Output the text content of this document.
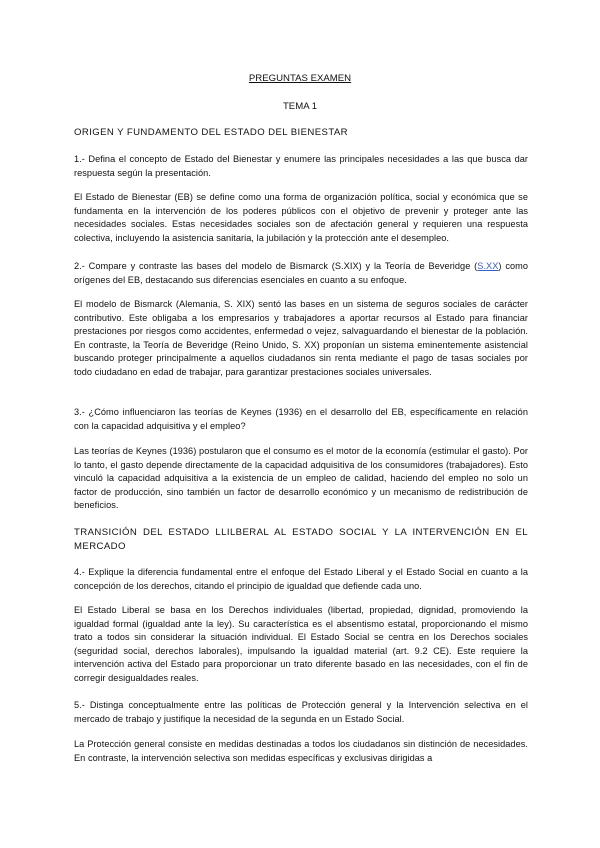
PREGUNTAS EXAMEN
TEMA 1
ORIGEN Y FUNDAMENTO DEL ESTADO DEL BIENESTAR
1.- Defina el concepto de Estado del Bienestar y enumere las principales necesidades a las que busca dar respuesta según la presentación.
El Estado de Bienestar (EB) se define como una forma de organización política, social y económica que se fundamenta en la intervención de los poderes públicos con el objetivo de prevenir y proteger ante las necesidades sociales. Estas necesidades sociales son de afectación general y requieren una respuesta colectiva, incluyendo la asistencia sanitaria, la jubilación y la protección ante el desempleo.
2.- Compare y contraste las bases del modelo de Bismarck (S.XIX) y la Teoría de Beveridge (S.XX) como orígenes del EB, destacando sus diferencias esenciales en cuanto a su enfoque.
El modelo de Bismarck (Alemania, S. XIX) sentó las bases en un sistema de seguros sociales de carácter contributivo. Este obligaba a los empresarios y trabajadores a aportar recursos al Estado para financiar prestaciones por riesgos como accidentes, enfermedad o vejez, salvaguardando el bienestar de la población. En contraste, la Teoría de Beveridge (Reino Unido, S. XX) proponían un sistema eminentemente asistencial buscando proteger principalmente a aquellos ciudadanos sin renta mediante el pago de tasas sociales por todo ciudadano en edad de trabajar, para garantizar prestaciones sociales universales.
3.- ¿Cómo influenciaron las teorías de Keynes (1936) en el desarrollo del EB, específicamente en relación con la capacidad adquisitiva y el empleo?
Las teorías de Keynes (1936) postularon que el consumo es el motor de la economía (estimular el gasto). Por lo tanto, el gasto depende directamente de la capacidad adquisitiva de los consumidores (trabajadores). Esto vinculó la capacidad adquisitiva a la existencia de un empleo de calidad, haciendo del empleo no solo un factor de producción, sino también un factor de desarrollo económico y un mecanismo de redistribución de beneficios.
TRANSICIÓN DEL ESTADO LLILBERAL AL ESTADO SOCIAL Y LA INTERVENCIÓN EN EL MERCADO
4.- Explique la diferencia fundamental entre el enfoque del Estado Liberal y el Estado Social en cuanto a la concepción de los derechos, citando el principio de igualdad que defiende cada uno.
El Estado Liberal se basa en los Derechos individuales (libertad, propiedad, dignidad, promoviendo la igualdad formal (igualdad ante la ley). Su característica es el absentismo estatal, proporcionando el mismo trato a todos sin considerar la situación individual. El Estado Social se centra en los Derechos sociales (seguridad social, derechos laborales), impulsando la igualdad material (art. 9.2 CE). Este requiere la intervención activa del Estado para proporcionar un trato diferente basado en las necesidades, con el fin de corregir desigualdades reales.
5.- Distinga conceptualmente entre las políticas de Protección general y la Intervención selectiva en el mercado de trabajo y justifique la necesidad de la segunda en un Estado Social.
La Protección general consiste en medidas destinadas a todos los ciudadanos sin distinción de necesidades. En contraste, la intervención selectiva son medidas específicas y exclusivas dirigidas a
